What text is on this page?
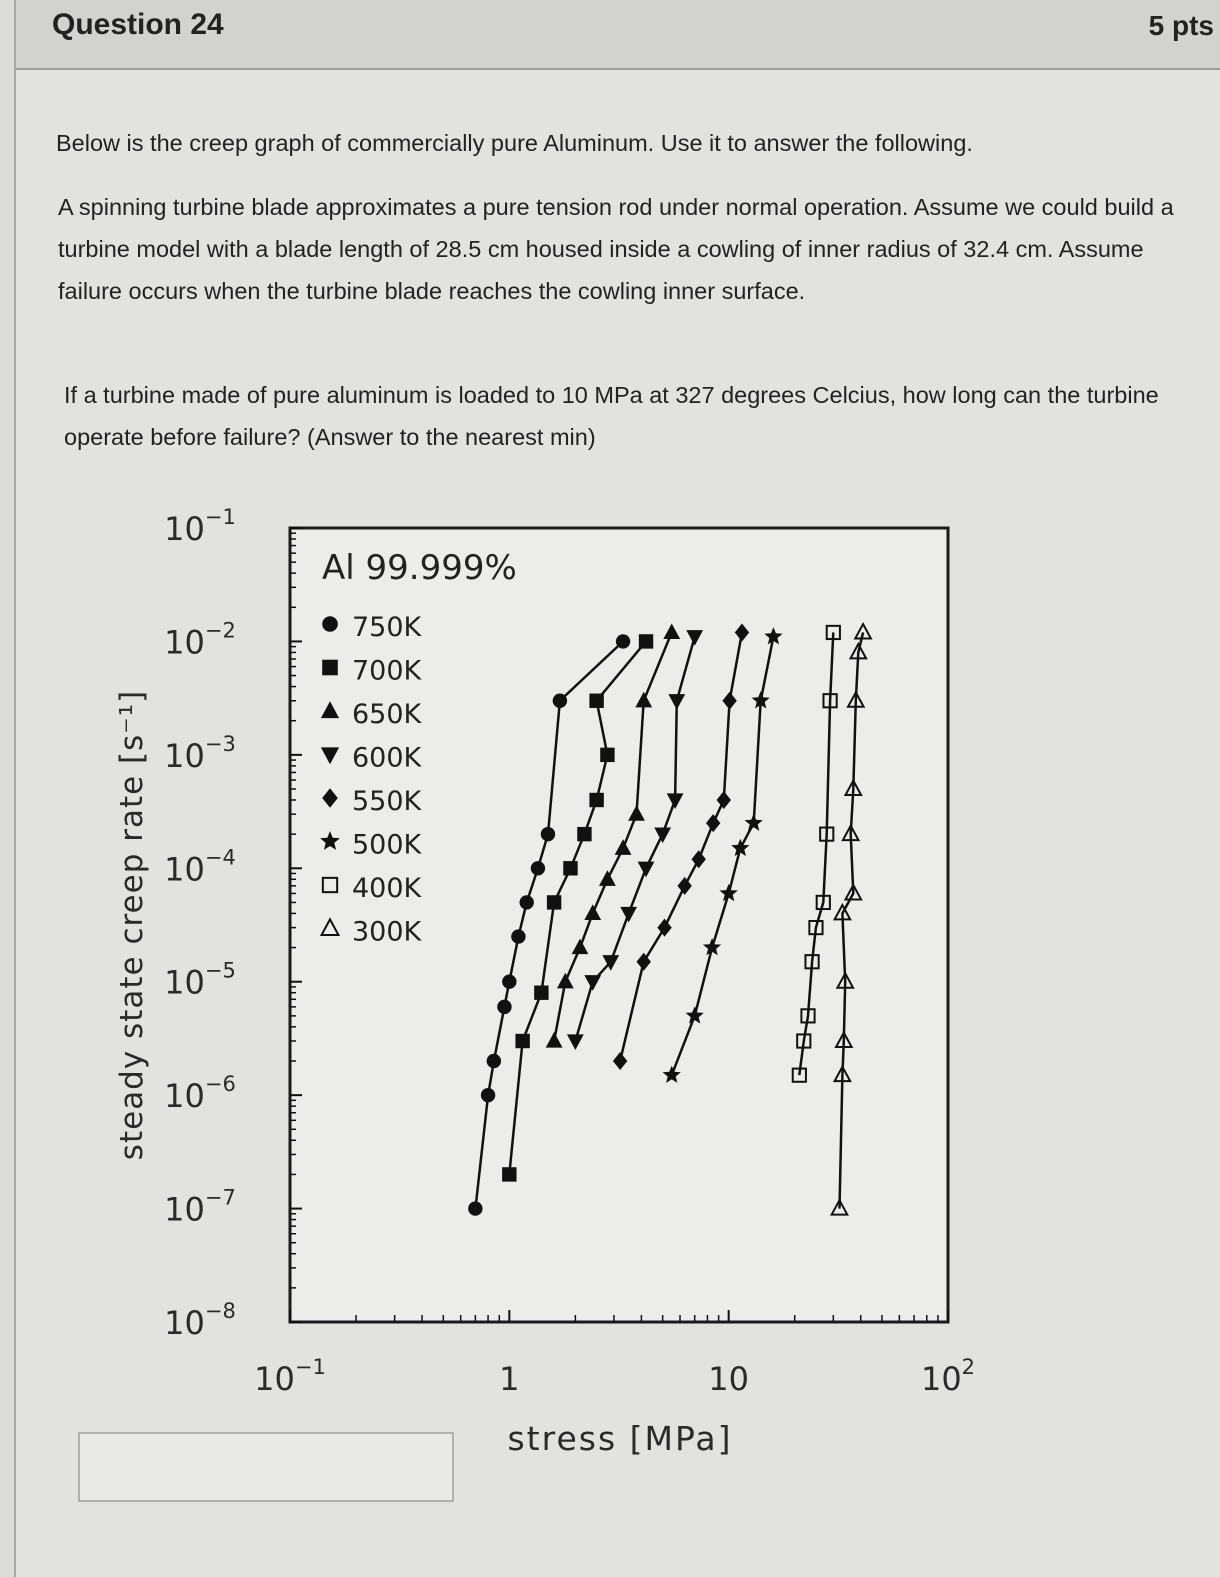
Question 24	5 pts
Below is the creep graph of commercially pure Aluminum. Use it to answer the following.
A spinning turbine blade approximates a pure tension rod under normal operation. Assume we could build a turbine model with a blade length of 28.5 cm housed inside a cowling of inner radius of 32.4 cm. Assume failure occurs when the turbine blade reaches the cowling inner surface.
If a turbine made of pure aluminum is loaded to 10 MPa at 327 degrees Celcius, how long can the turbine operate before failure? (Answer to the nearest min)
Al 99.999%
750K
700K
650K
600K
550K
500K
400K
300K
$10^{-1}$
$10^{-2}$
$10^{-3}$
$10^{-4}$
$10^{-5}$
$10^{-6}$
$10^{-7}$
$10^{-8}$
$10^{-1}$	1	10	$10^2$
steady state creep rate [s⁻¹]
stress [MPa]
